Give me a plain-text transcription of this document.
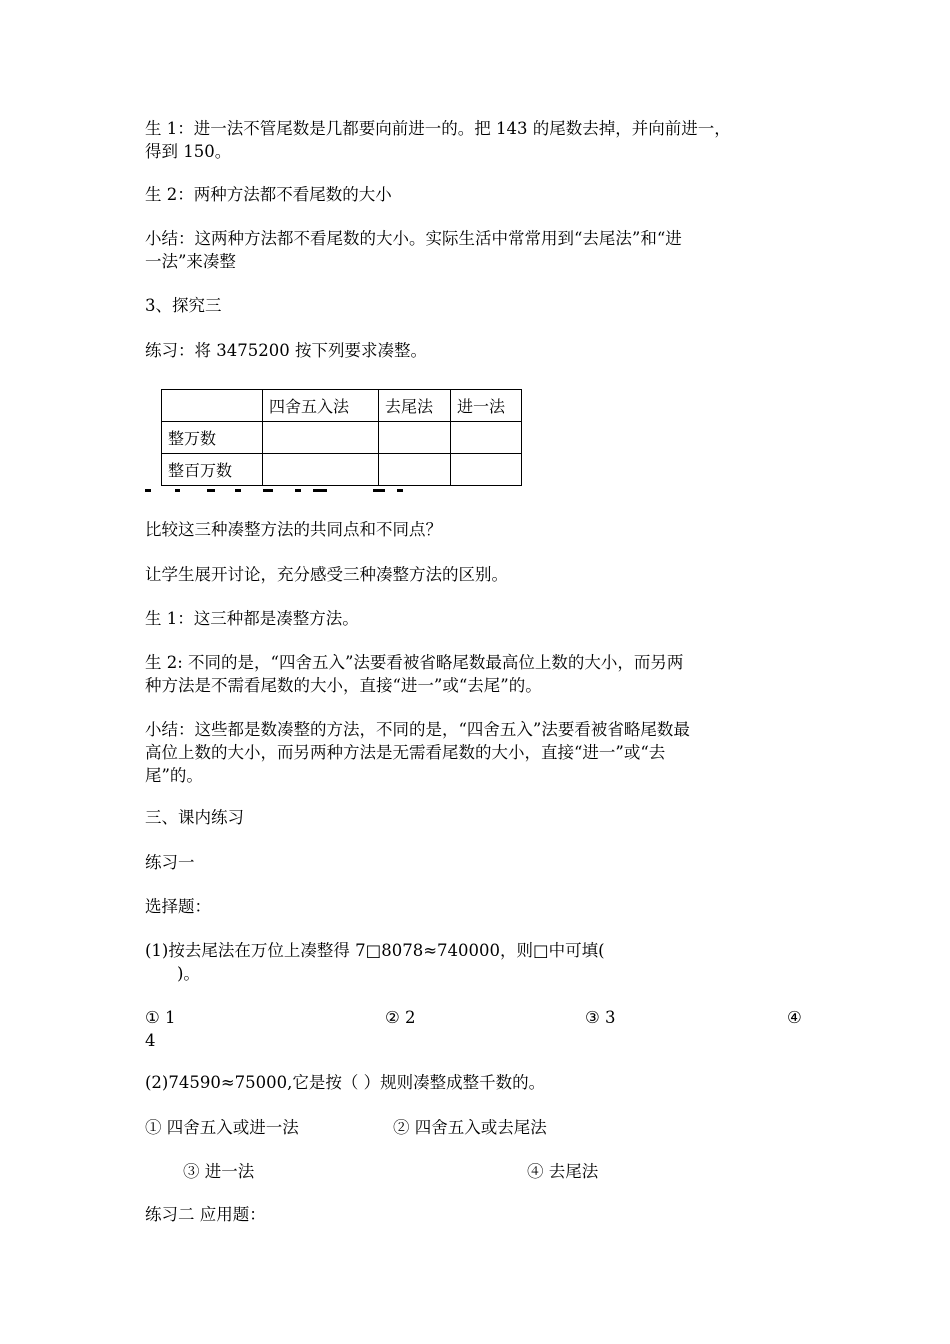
生 1：进一法不管尾数是几都要向前进一的。把 143 的尾数去掉，并向前进一，

得到 150。

生 2：两种方法都不看尾数的大小

小结：这两种方法都不看尾数的大小。实际生活中常常用到“去尾法”和“进

一法”来凑整

3、探究三

练习：将 3475200 按下列要求凑整。

	四舍五入法	去尾法	进一法
整万数			
整百万数			

比较这三种凑整方法的共同点和不同点？

让学生展开讨论，充分感受三种凑整方法的区别。

生 1：这三种都是凑整方法。

生 2: 不同的是，“四舍五入”法要看被省略尾数最高位上数的大小，而另两

种方法是不需看尾数的大小，直接“进一”或“去尾”的。

小结：这些都是数凑整的方法，不同的是，“四舍五入”法要看被省略尾数最

高位上数的大小，而另两种方法是无需看尾数的大小，直接“进一”或“去

尾”的。

三、课内练习

练习一

选择题：

(1)按去尾法在万位上凑整得 7□8078≈740000，则□中可填(

)。

① 1	② 2	③ 3	④
4

(2)74590≈75000,它是按（ ）规则凑整成整千数的。

① 四舍五入或进一法	② 四舍五入或去尾法
③ 进一法	④ 去尾法

练习二 应用题：
